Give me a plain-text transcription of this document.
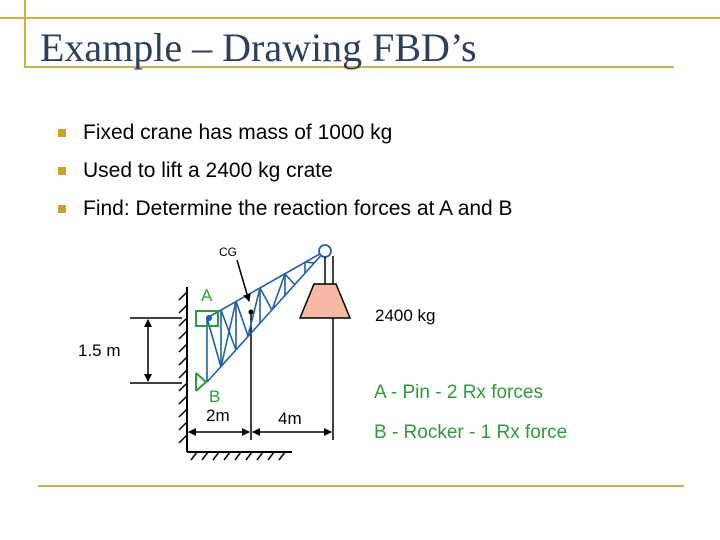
Example – Drawing FBD’s
Fixed crane has mass of 1000 kg
Used to lift a 2400 kg crate
Find: Determine the reaction forces at A and B
CG
2400 kg
A
B
1.5 m
2m	4m
A - Pin - 2 Rx forces
B - Rocker - 1 Rx force
